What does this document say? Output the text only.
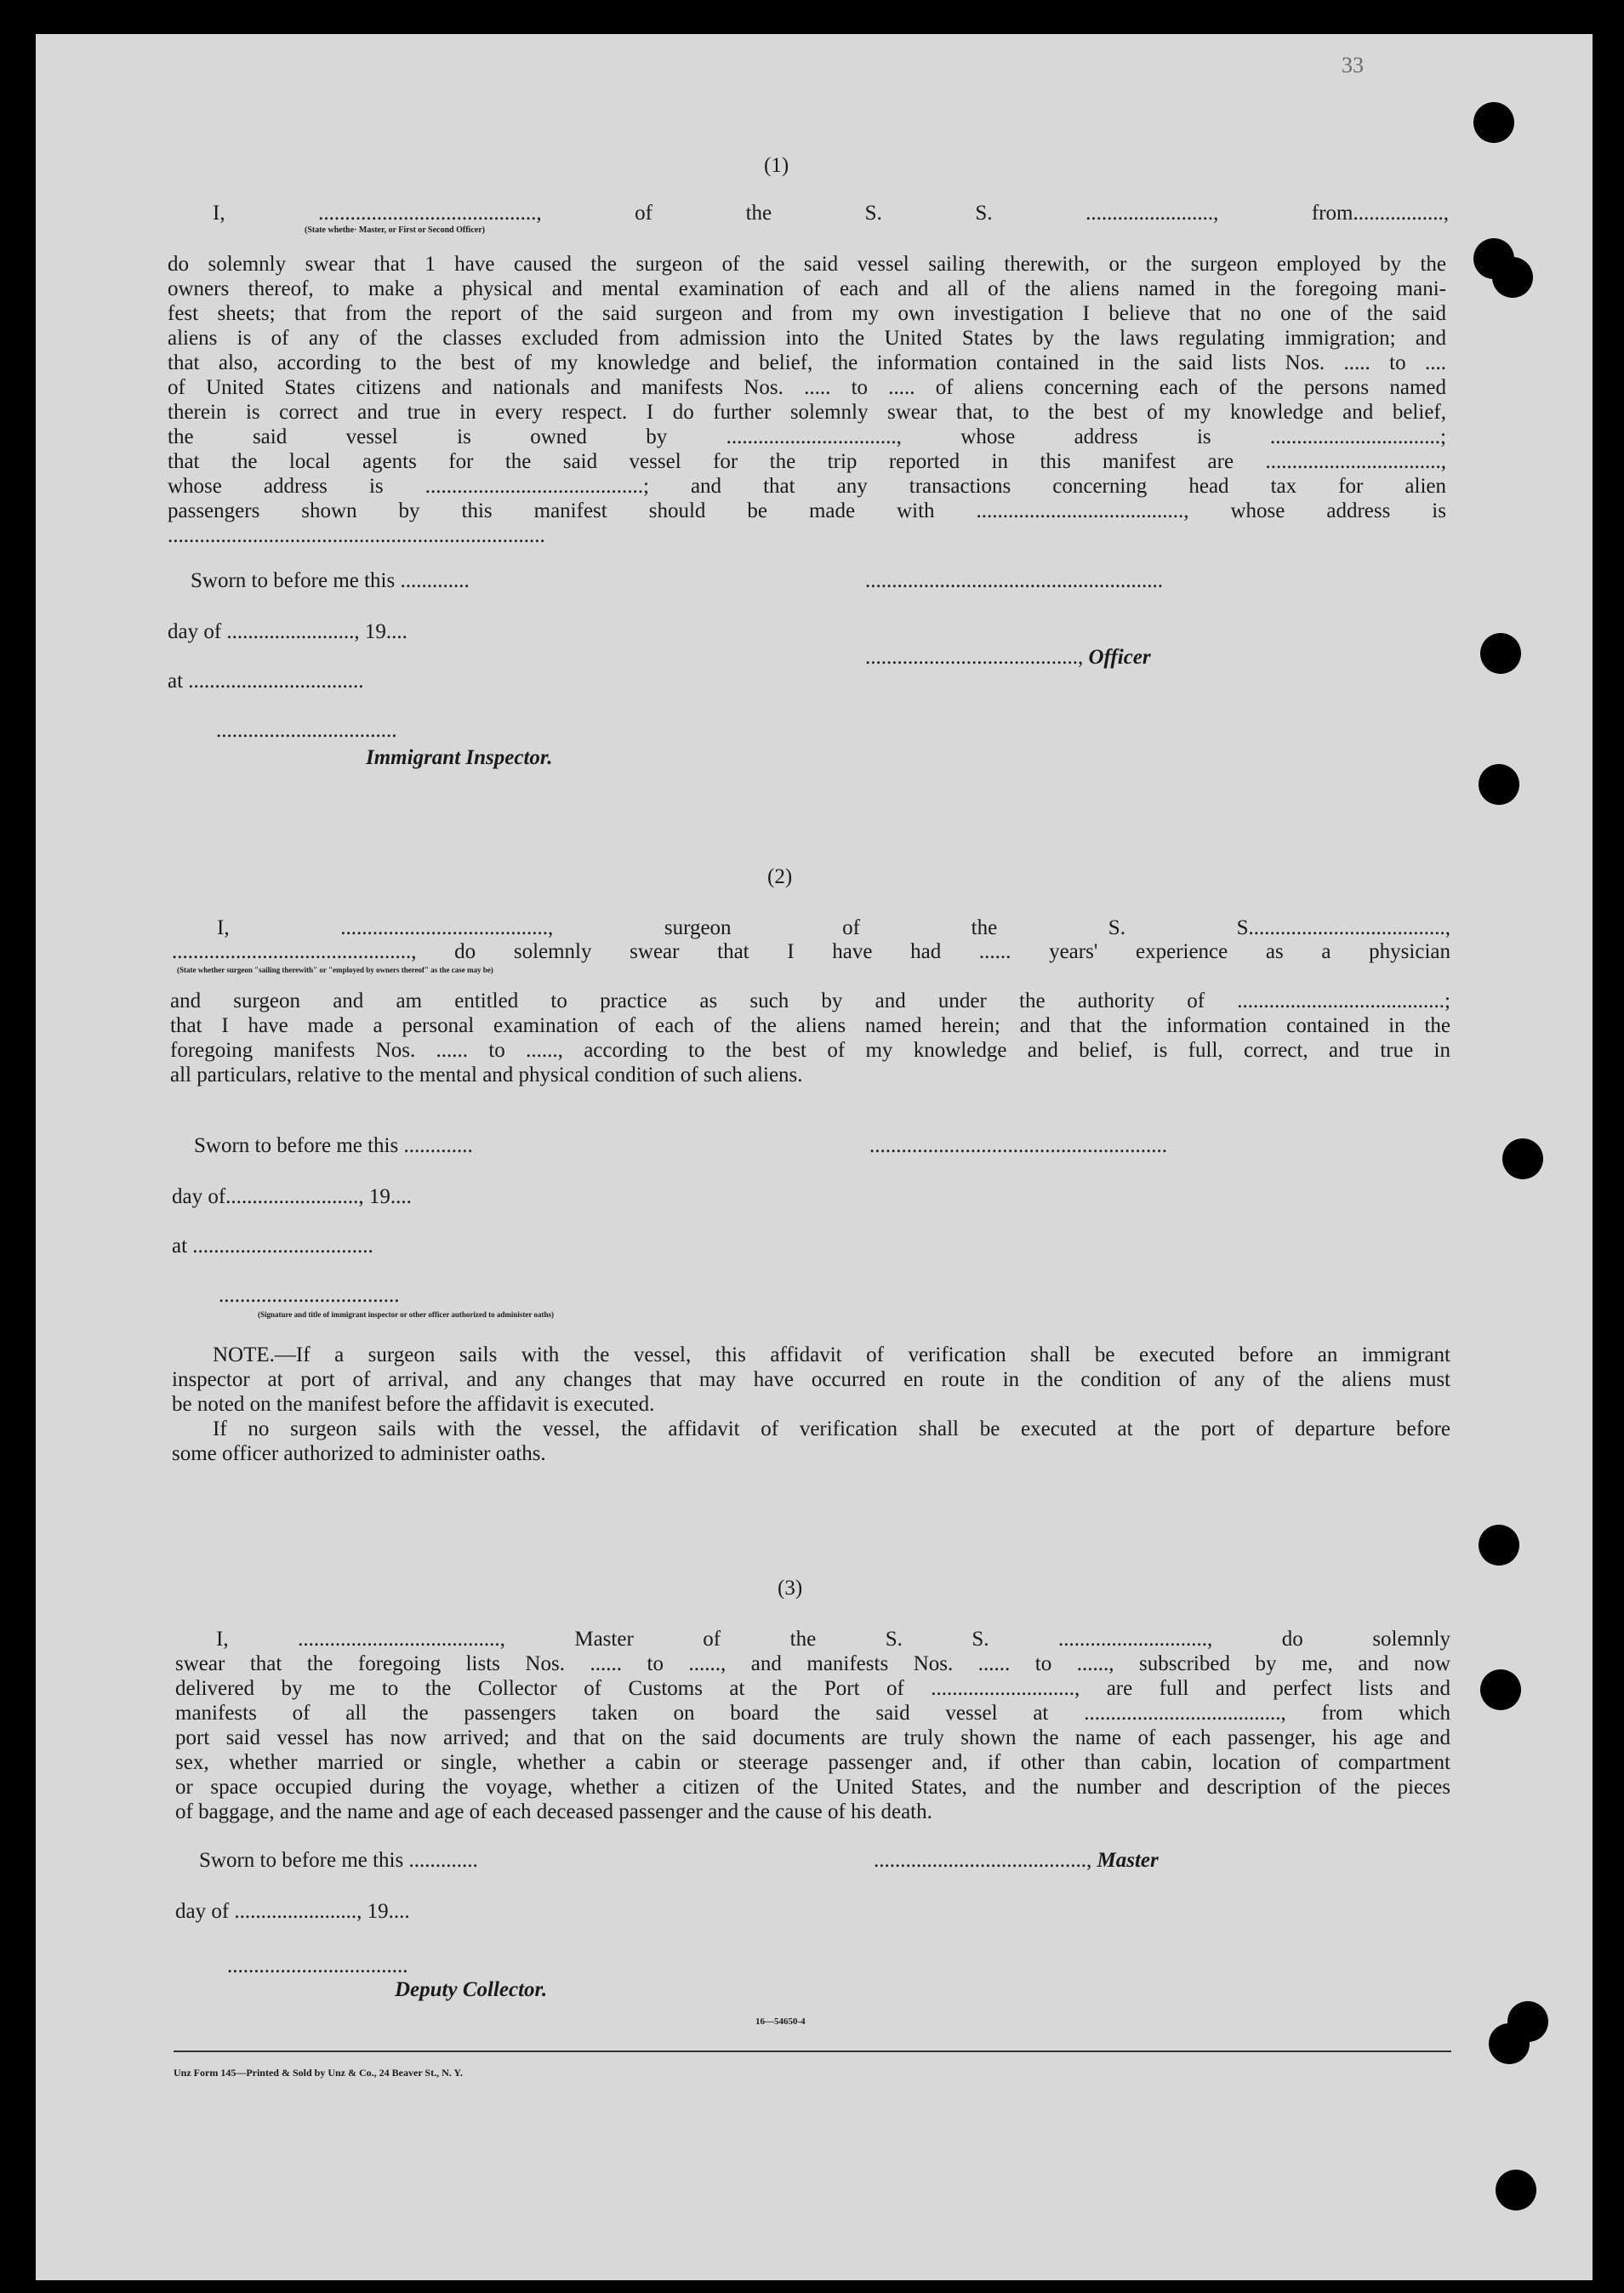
33
(1)
I, ........................................., of the S. S. ........................, from.................,
(State whethe· Master, or First or Second Officer)
do solemnly swear that 1 have caused the surgeon of the said vessel sailing therewith, or the surgeon employed by the
owners thereof, to make a physical and mental examination of each and all of the aliens named in the foregoing mani-
fest sheets; that from the report of the said surgeon and from my own investigation I believe that no one of the said
aliens is of any of the classes excluded from admission into the United States by the laws regulating immigration; and
that also, according to the best of my knowledge and belief, the information contained in the said lists Nos. ..... to ....
of United States citizens and nationals and manifests Nos. ..... to ..... of aliens concerning each of the persons named
therein is correct and true in every respect. I do further solemnly swear that, to the best of my knowledge and belief,
the said vessel is owned by ................................, whose address is ................................;
that the local agents for the said vessel for the trip reported in this manifest are .................................,
whose address is .........................................; and that any transactions concerning head tax for alien
passengers shown by this manifest should be made with ......................................., whose address is
.......................................................................
Sworn to before me this .............
day of ........................, 19....
at .................................
..................................
Immigrant Inspector.
........................................................
........................................, Officer
(2)
I, ......................................., surgeon of the S. S.....................................,
............................................., do solemnly swear that I have had ...... years' experience as a physician
(State whether surgeon "sailing therewith" or "employed by owners thereof" as the case may be)
and surgeon and am entitled to practice as such by and under the authority of .......................................;
that I have made a personal examination of each of the aliens named herein; and that the information contained in the
foregoing manifests Nos. ...... to ......, according to the best of my knowledge and belief, is full, correct, and true in
all particulars, relative to the mental and physical condition of such aliens.
Sworn to before me this .............
day of........................., 19....
at ..................................
..................................
(Signature and title of immigrant inspector or other officer authorized to administer oaths)
........................................................
NOTE.—If a surgeon sails with the vessel, this affidavit of verification shall be executed before an immigrant
inspector at port of arrival, and any changes that may have occurred en route in the condition of any of the aliens must
be noted on the manifest before the affidavit is executed.
If no surgeon sails with the vessel, the affidavit of verification shall be executed at the port of departure before
some officer authorized to administer oaths.
(3)
I, ......................................, Master of the S. S. ............................, do solemnly
swear that the foregoing lists Nos. ...... to ......, and manifests Nos. ...... to ......, subscribed by me, and now
delivered by me to the Collector of Customs at the Port of ..........................., are full and perfect lists and
manifests of all the passengers taken on board the said vessel at ....................................., from which
port said vessel has now arrived; and that on the said documents are truly shown the name of each passenger, his age and
sex, whether married or single, whether a cabin or steerage passenger and, if other than cabin, location of compartment
or space occupied during the voyage, whether a citizen of the United States, and the number and description of the pieces
of baggage, and the name and age of each deceased passenger and the cause of his death.
Sworn to before me this .............
day of ......................., 19....
..................................
Deputy Collector.
........................................, Master
16—54650-4
Unz Form 145—Printed & Sold by Unz & Co., 24 Beaver St., N. Y.
